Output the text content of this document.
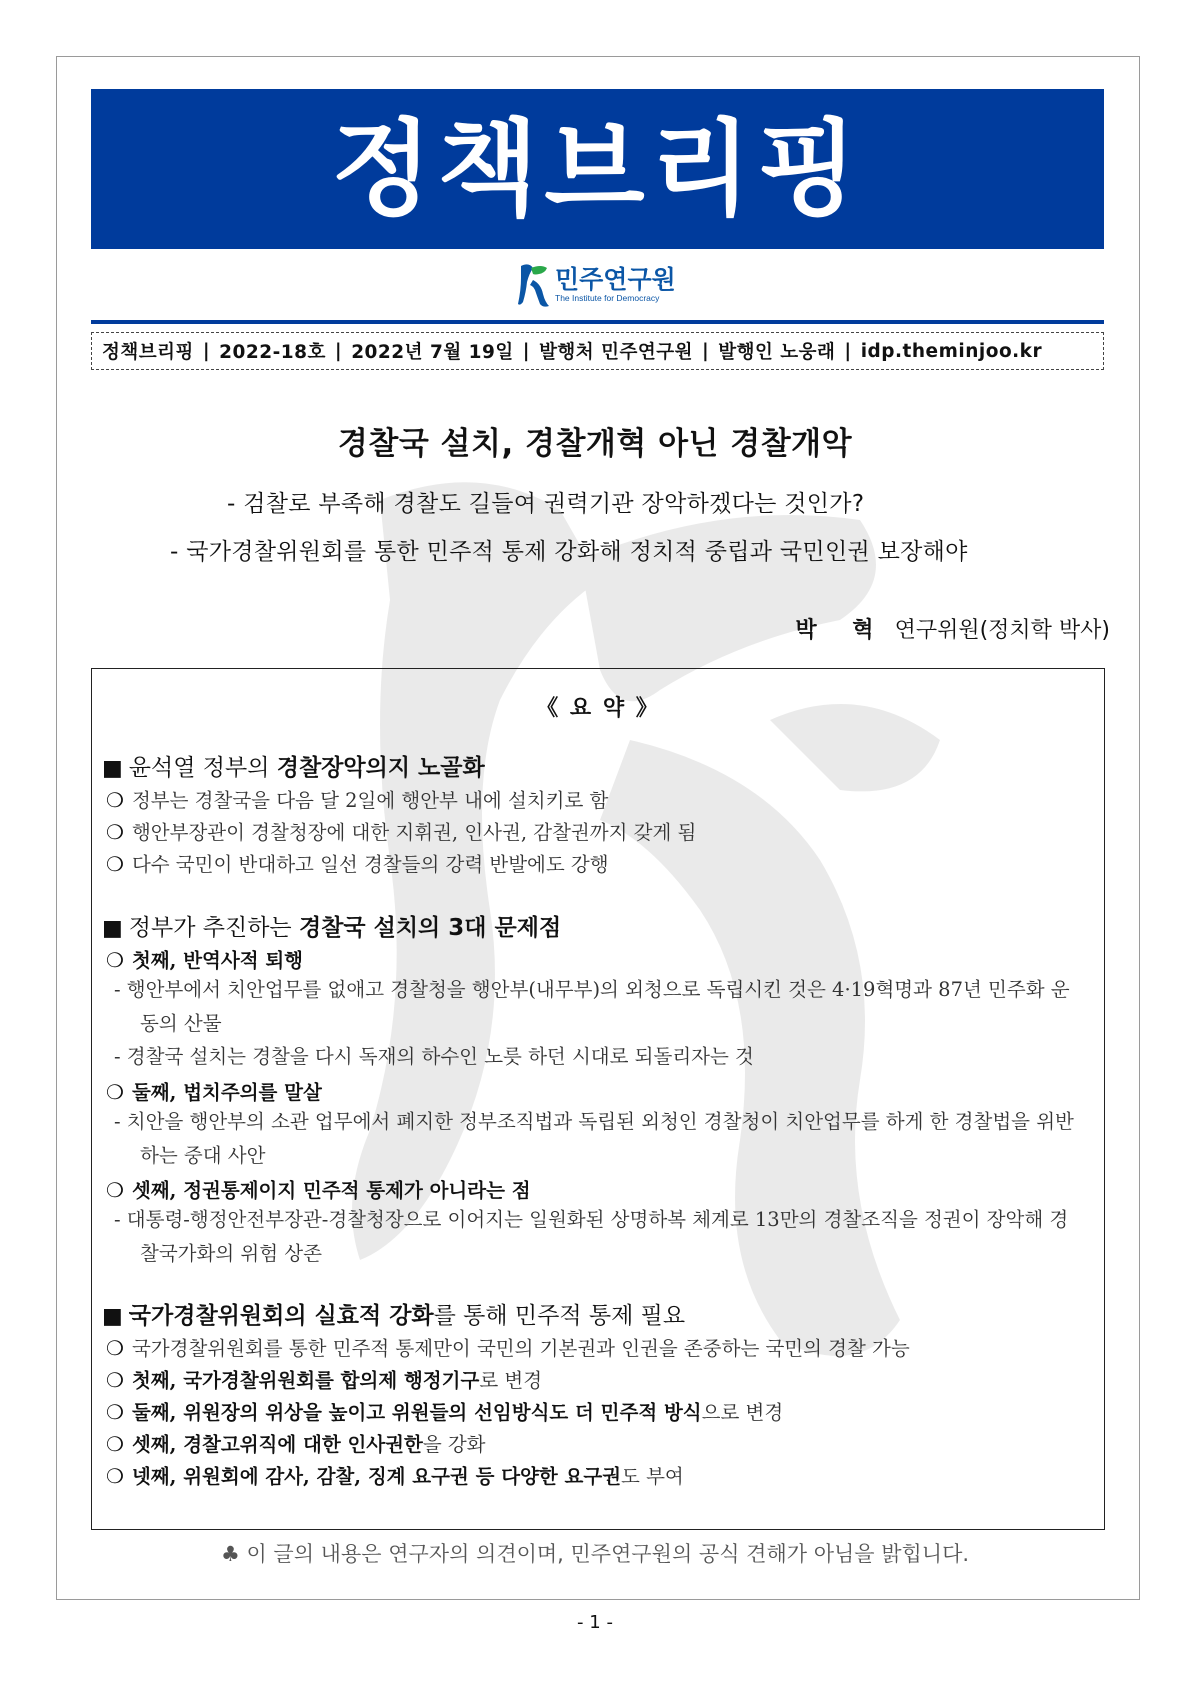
정책브리핑
민주연구원
The Institute for Democracy
정책브리핑 | 2022-18호 | 2022년 7월 19일 | 발행처 민주연구원 | 발행인 노웅래 | idp.theminjoo.kr
경찰국 설치, 경찰개혁 아닌 경찰개악
- 검찰로 부족해 경찰도 길들여 권력기관 장악하겠다는 것인가?
- 국가경찰위원회를 통한 민주적 통제 강화해 정치적 중립과 국민인권 보장해야
박 혁 연구위원(정치학 박사)
《 요 약 》
■ 윤석열 정부의 경찰장악의지 노골화
❍ 정부는 경찰국을 다음 달 2일에 행안부 내에 설치키로 함
❍ 행안부장관이 경찰청장에 대한 지휘권, 인사권, 감찰권까지 갖게 됨
❍ 다수 국민이 반대하고 일선 경찰들의 강력 반발에도 강행
■ 정부가 추진하는 경찰국 설치의 3대 문제점
❍ 첫째, 반역사적 퇴행
- 행안부에서 치안업무를 없애고 경찰청을 행안부(내무부)의 외청으로 독립시킨 것은 4·19혁명과 87년 민주화 운동의 산물
- 경찰국 설치는 경찰을 다시 독재의 하수인 노릇 하던 시대로 되돌리자는 것
❍ 둘째, 법치주의를 말살
- 치안을 행안부의 소관 업무에서 폐지한 정부조직법과 독립된 외청인 경찰청이 치안업무를 하게 한 경찰법을 위반하는 중대 사안
❍ 셋째, 정권통제이지 민주적 통제가 아니라는 점
- 대통령-행정안전부장관-경찰청장으로 이어지는 일원화된 상명하복 체계로 13만의 경찰조직을 정권이 장악해 경찰국가화의 위험 상존
■ 국가경찰위원회의 실효적 강화를 통해 민주적 통제 필요
❍ 국가경찰위원회를 통한 민주적 통제만이 국민의 기본권과 인권을 존중하는 국민의 경찰 가능
❍ 첫째, 국가경찰위원회를 합의제 행정기구로 변경
❍ 둘째, 위원장의 위상을 높이고 위원들의 선임방식도 더 민주적 방식으로 변경
❍ 셋째, 경찰고위직에 대한 인사권한을 강화
❍ 넷째, 위원회에 감사, 감찰, 징계 요구권 등 다양한 요구권도 부여
♣ 이 글의 내용은 연구자의 의견이며, 민주연구원의 공식 견해가 아님을 밝힙니다.
- 1 -
